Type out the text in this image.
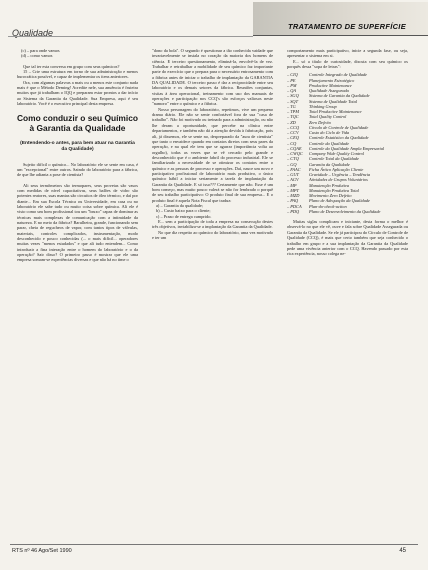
TRATAMENTO DE SUPERFÍCIE
Qualidade

(c) – para onde vamos

(d) – como vamos

Que tal ter esta conversa em grupo com seus químicos?

15 – Crie uma estrutura em torno de sua administração e menos burocrática possível, e capaz de implementar os itens anteriores.

Ora, com algumas palavras a mais ou a menos este conjunto nada mais é que o Método Deming! Acredite nele, sua anuência é fruteira muitos que já trabalham o IQQ e preparam estar prontos a dar início ao Sistema da Garantia da Qualidade. Sua Empresa, aqui é seu laboratório. Você é o executivo principal desta empresa.

Como conduzir o seu Químico à Garantia da Qualidade
(Entendendo-o antes, para bem atuar na Garantia da Qualidade)

Sujeito difícil o químico... No laboratório ele se sente em casa, é um "excepcional" entre outros. Saindo do laboratório para a fábrica, de que lhe adianta a pose de cientista?

Ali seus termômetros são termopares, seus provetas são vasos com medidas de nível capacitativas, seus balões de vidro são potentes reatores, suas mantas são circuitos de óleo térmico, e daí por diante... Em sua Escola Técnica ou Universidade, em casa ou no laboratório ele sabe tudo ou muito coisa sobre química. Ali ele é visto como um bom profissional tou um "bruxo" capaz de dominar as técnicas mais complexas de comunicação com a intimidade da natureza. E no meio da fábrica? Barulheira, grande, funcionando sem parar, cheia de regucheos de vapor, com tantos tipos de válvulas, materiais, controles complicados, instrumentação, modo desconhecido e pouco conhecidas (... o mais difícil... operadores muitas vezes "menos estudados" e que ali tudo entendem... Como introduzir a fina interação entre o homem do laboratório e o da operação? Sair disso? O primeiro passo é mostrar que ele uma empresa somam-se experiências diversas e que não há no time o

"dono da bola". O segundo é questionar a tão conhecida vaidade que invariavelmente se instala no coração da maioria dos homens de ciência. E terceiro questionamento, eliminá-la, envolvê-la de vez. Trabalhar e retrabalhar a mobilidade de seu químico faz importante parte do exercício que o prepara para o necessário entrosamento com a fábrica antes de iniciar o trabalho de implantação da GARANTIA DA QUALIDADE. O terceiro passo é dar a reciprocidade entre seu laboratório e os demais setores da fábrica. Reuniões conjuntas, visitas à área operacional, treinamento com uso dos manuais de operações e participação nos CCQ's são esforços valiosos neste "namoro" entre o químico e a fábrica.

Nosso personagem do laboratório, repetimos, vive um pequeno drama diário. Ele não se sente confortável fora de sua "casa de trabalho". Não foi motivado ou treinado para a administração, ou não lhe deram a oportunidade, que percebe na clínica entre departamentos, e também não dá a atenção devida à fabricação, pois ali, já dissemos, ele se sente no, despreparado da "aura de cientista" que tanto o envaidece quando em contatos diretos com seus pares da operação, e na qual ele tem que se agarrar (importância volta ao orgulho), todas as vezes que se vê cercado pelo grande e desconhecido que é o ambiente fabril do processo industrial. Ele se familiarizado a necessidade de se otimizar os contatos entre o químico e as pessoas de processo e operações. Daí, nasce um novo e participativo profissional de laboratório mais produtivo, o único químico hábil a iniciar seriamente a tarefa de implantação da Garantia da Qualidade. E só isso??? Certamente que não. Esse é um bom começo, mas muito pouco valerá se não for lembrado o porquê de seu trabalho participativo: O produto final de sua empresa... E o produto final é aquela Nota Fiscal que traduz:

a) – Garantia da qualidade;

b) – Custo baixo para o cliente;

c) – Prazo de entrega cumprido.

E... sem a participação de toda a empresa na consecução destes três objetivos, inviabiliza-se a implantação da Garantia da Qualidade.

No que diz respeito ao químico do laboratório, uma vez motivado e ter um

comportamento mais participativo, inicie a segunda fase, ou seja, apresentar o sistema em si.

E... só a título de curiosidade, discuta com seu químico os porquês dessa "sopa de letras":

– CIQ	Controle Integrado de Qualidade
– PE	Planejamento Estratégico
– PM	Productive Maintenance
– QA	Qualidade Assegurada
– SGQ	Sistema de Garantia da Qualidade
– SQT	Sistema de Qualidade Total
– TG	Thinking Group
– TPM	Total Productive Maintenance
– TQC	Total Quality Control
– ZD	Zero Defeito
– CCQ	Círculo de Controle de Qualidade
– CCV	Custo do Ciclo de Vida
– CEQ	Controle Estatístico da Qualidade
– CQ	Controle da Qualidade
– CQAE	Controle da Qualidade Ampla Empresarial
– CWQC	Company Wide Quality Control
– CTQ	Controle Total da Qualidade
– GQ	Garantia da Qualidade
– FAAC	Ficha Ártico Aplicação Cliente
– GUT	Gravidade – Urgência – Tendência
– AGV	Atividades de Grupos Voluntários
– MP	Manutenção Produtiva
– MPT	Manutenção Produtiva Total
– MZD	Movimento Zero Defeito
– PAQ	Plano de Adequação da Qualidade
– PDCA	Plan-do-check-action
– PDQ	Plano de Desenvolvimento da Qualidade

Muitas siglas complicam e iniciante, desta forma o melhor é observá-lo no que ele vê, ouve e fala sobre Qualidade Assegurada ou Garantia da Qualidade. Se ele já participou do Círculo de Controle de Qualidade (CCQ), é mais que certo também que seja conhecido o trabalho em grupo e a sua implantação da Garantia da Qualidade pede uma vivência anterior com o CCQ. Havendo passado por esta rica experiência, nosso colega ne-

RTS nº 46 Ago/Set 1990	45
